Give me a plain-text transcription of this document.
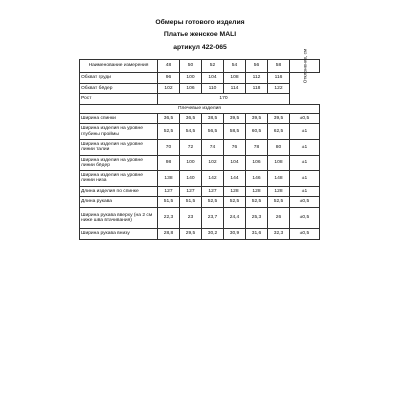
Обмеры готового изделия
Платье женское MALI
артикул 422-065
Наименование измерения	48	50	52	54	56	58	Отклонение, см

Обхват груди	96	100	104	108	112	116	
Обхват бёдер	102	106	110	114	118	122	
Рост	170						
Плечевые изделия							
Ширина спинки	36,5	36,5	38,5	39,5	39,5	39,5	±0,5
Ширина изделия на уровне глубины проймы	52,5	54,5	56,5	58,5	60,5	62,5	±1
Ширина изделия на уровне линии талии	70	72	74	76	78	80	±1
Ширина изделия на уровне линии бёдер	98	100	102	104	106	108	±1
Ширина изделия на уровне линии низа	138	140	142	144	146	148	±1
Длина изделия по спинке	127	127	127	128	128	128	±1
Длина рукава	51,5	51,5	52,5	52,5	52,5	52,5	±0,5
Ширина рукава вверху (на 2 см ниже шва втачивания)	22,3	23	23,7	24,4	25,3	26	±0,5
Ширина рукава внизу	28,8	29,5	30,2	30,9	31,6	32,3	±0,5
